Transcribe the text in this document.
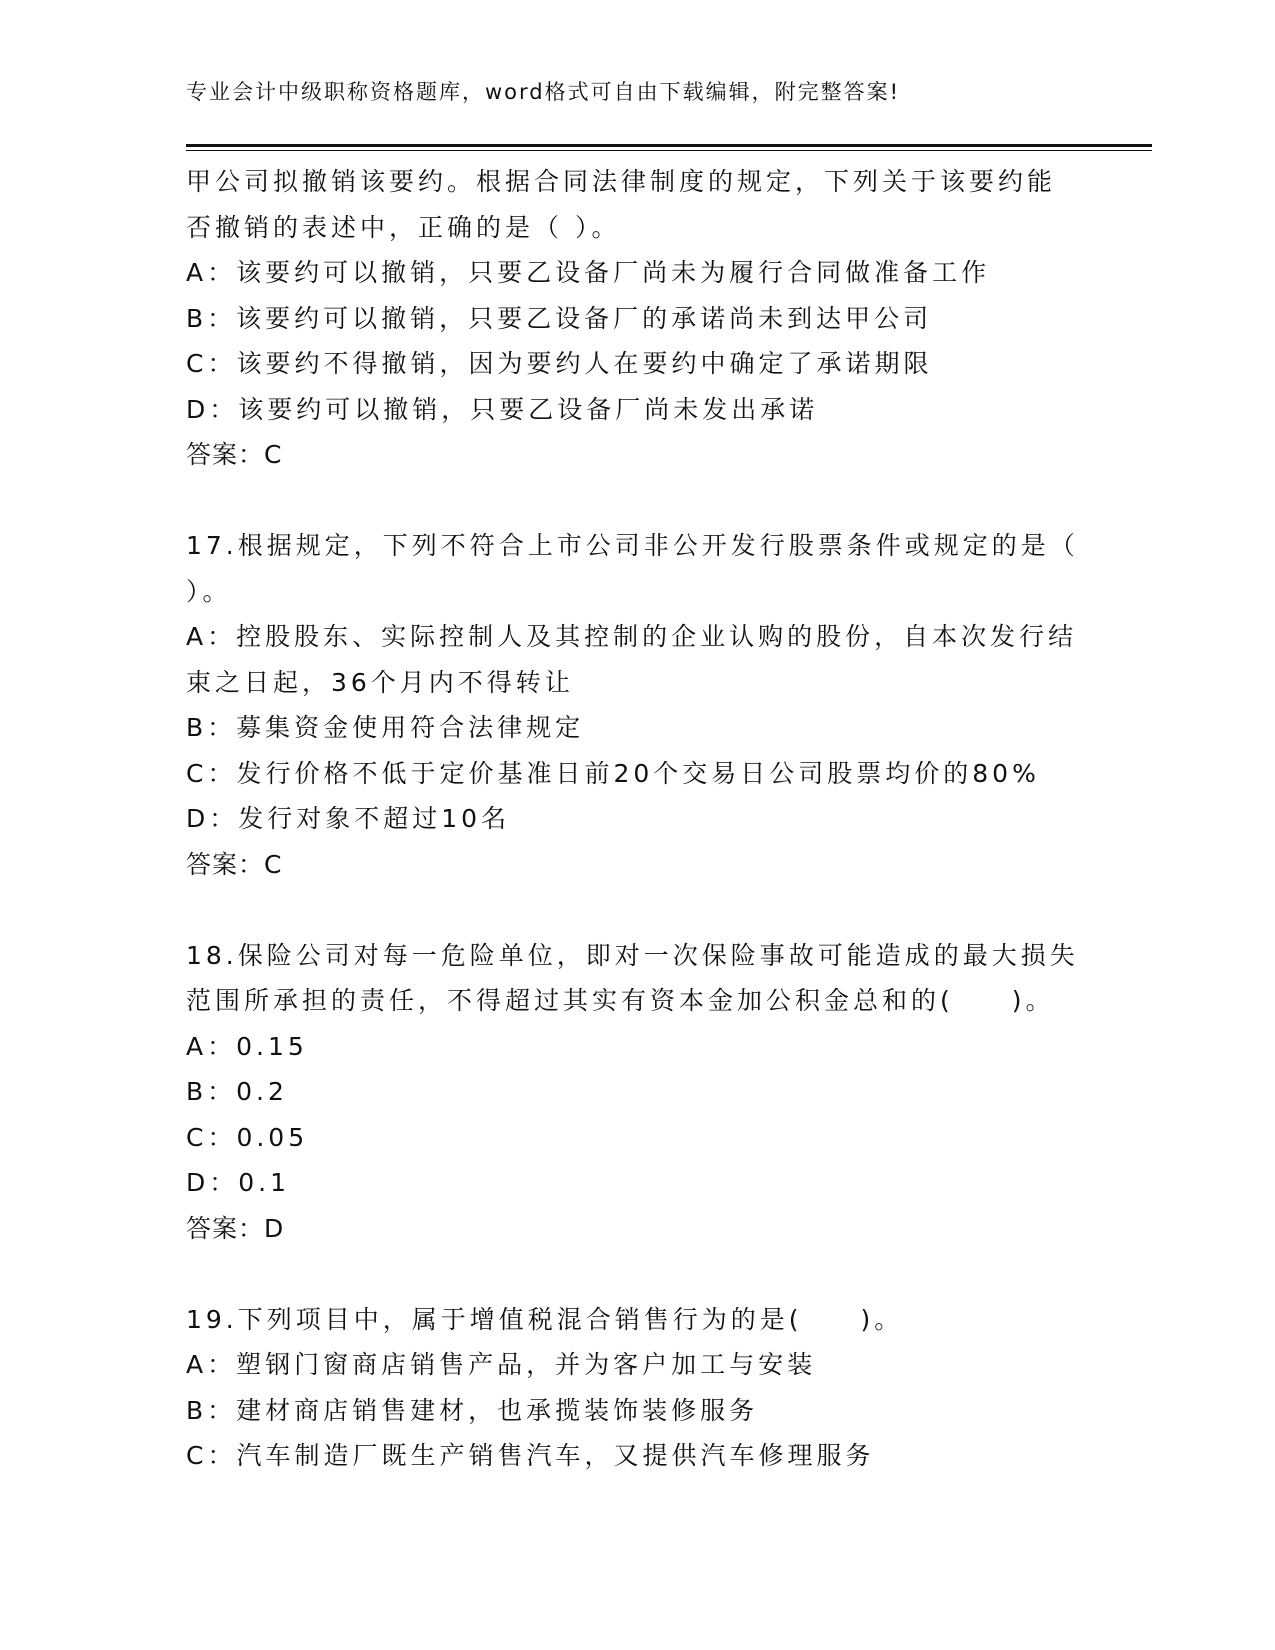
专业会计中级职称资格题库，word格式可自由下载编辑，附完整答案!
甲公司拟撤销该要约。根据合同法律制度的规定，下列关于该要约能
否撤销的表述中，正确的是（ ）。
A：该要约可以撤销，只要乙设备厂尚未为履行合同做准备工作
B：该要约可以撤销，只要乙设备厂的承诺尚未到达甲公司
C：该要约不得撤销，因为要约人在要约中确定了承诺期限
D：该要约可以撤销，只要乙设备厂尚未发出承诺
答案：C
17.根据规定，下列不符合上市公司非公开发行股票条件或规定的是（
）。
A：控股股东、实际控制人及其控制的企业认购的股份，自本次发行结
束之日起，36个月内不得转让
B：募集资金使用符合法律规定
C：发行价格不低于定价基准日前20个交易日公司股票均价的80%
D：发行对象不超过10名
答案：C
18.保险公司对每一危险单位，即对一次保险事故可能造成的最大损失
范围所承担的责任，不得超过其实有资本金加公积金总和的(　　)。
A：0.15
B：0.2
C：0.05
D：0.1
答案：D
19.下列项目中，属于增值税混合销售行为的是(　　)。
A：塑钢门窗商店销售产品，并为客户加工与安装
B：建材商店销售建材，也承揽装饰装修服务
C：汽车制造厂既生产销售汽车，又提供汽车修理服务
